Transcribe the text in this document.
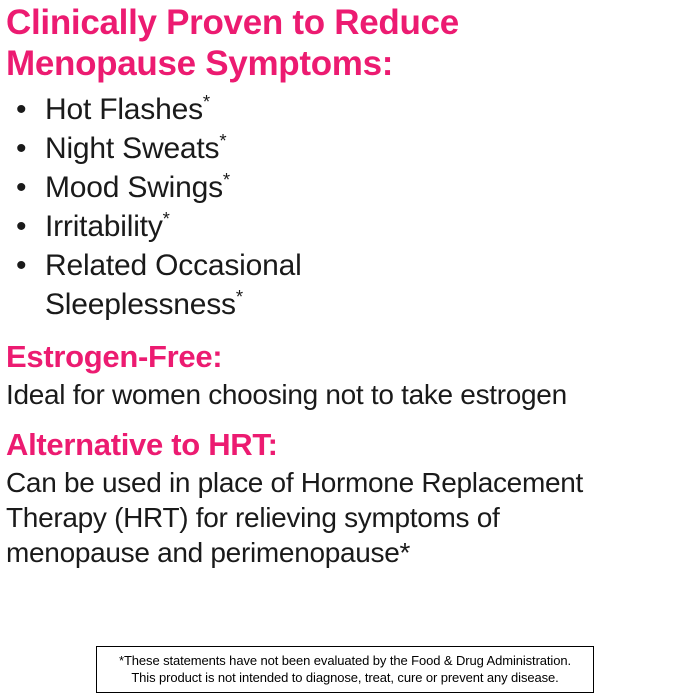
Clinically Proven to Reduce
Menopause Symptoms:
• Hot Flashes*
• Night Sweats*
• Mood Swings*
• Irritability*
• Related Occasional
Sleeplessness*
Estrogen-Free:

Ideal for women choosing not to take estrogen

Alternative to HRT:

Can be used in place of Hormone Replacement
Therapy (HRT) for relieving symptoms of
menopause and perimenopause*

*These statements have not been evaluated by the Food & Drug Administration.
This product is not intended to diagnose, treat, cure or prevent any disease.
